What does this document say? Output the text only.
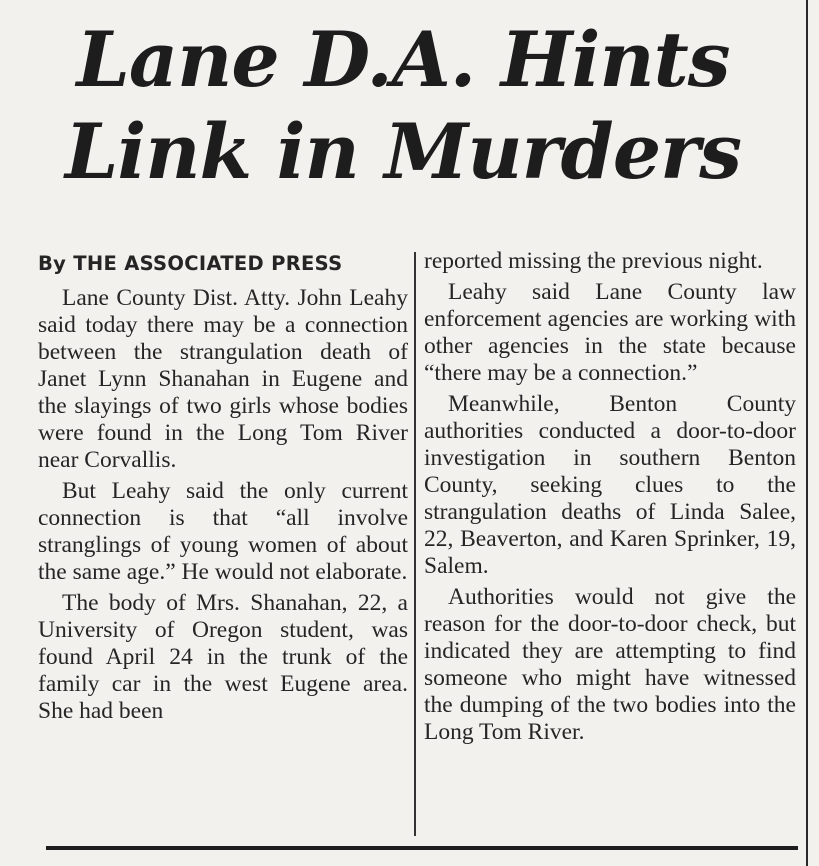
Lane D.A. Hints
Link in Murders
By THE ASSOCIATED PRESS

Lane County Dist. Atty. John Leahy said today there may be a connection between the strangulation death of Janet Lynn Shanahan in Eugene and the slayings of two girls whose bodies were found in the Long Tom River near Corvallis.

But Leahy said the only current connection is that “all involve stranglings of young women of about the same age.” He would not elaborate.

The body of Mrs. Shanahan, 22, a University of Oregon student, was found April 24 in the trunk of the family car in the west Eugene area. She had been

reported missing the previous night.

Leahy said Lane County law enforcement agencies are working with other agencies in the state because “there may be a connection.”

Meanwhile, Benton County authorities conducted a door-to-door investigation in southern Benton County, seeking clues to the strangulation deaths of Linda Salee, 22, Beaverton, and Karen Sprinker, 19, Salem.

Authorities would not give the reason for the door-to-door check, but indicated they are attempting to find someone who might have witnessed the dumping of the two bodies into the Long Tom River.
